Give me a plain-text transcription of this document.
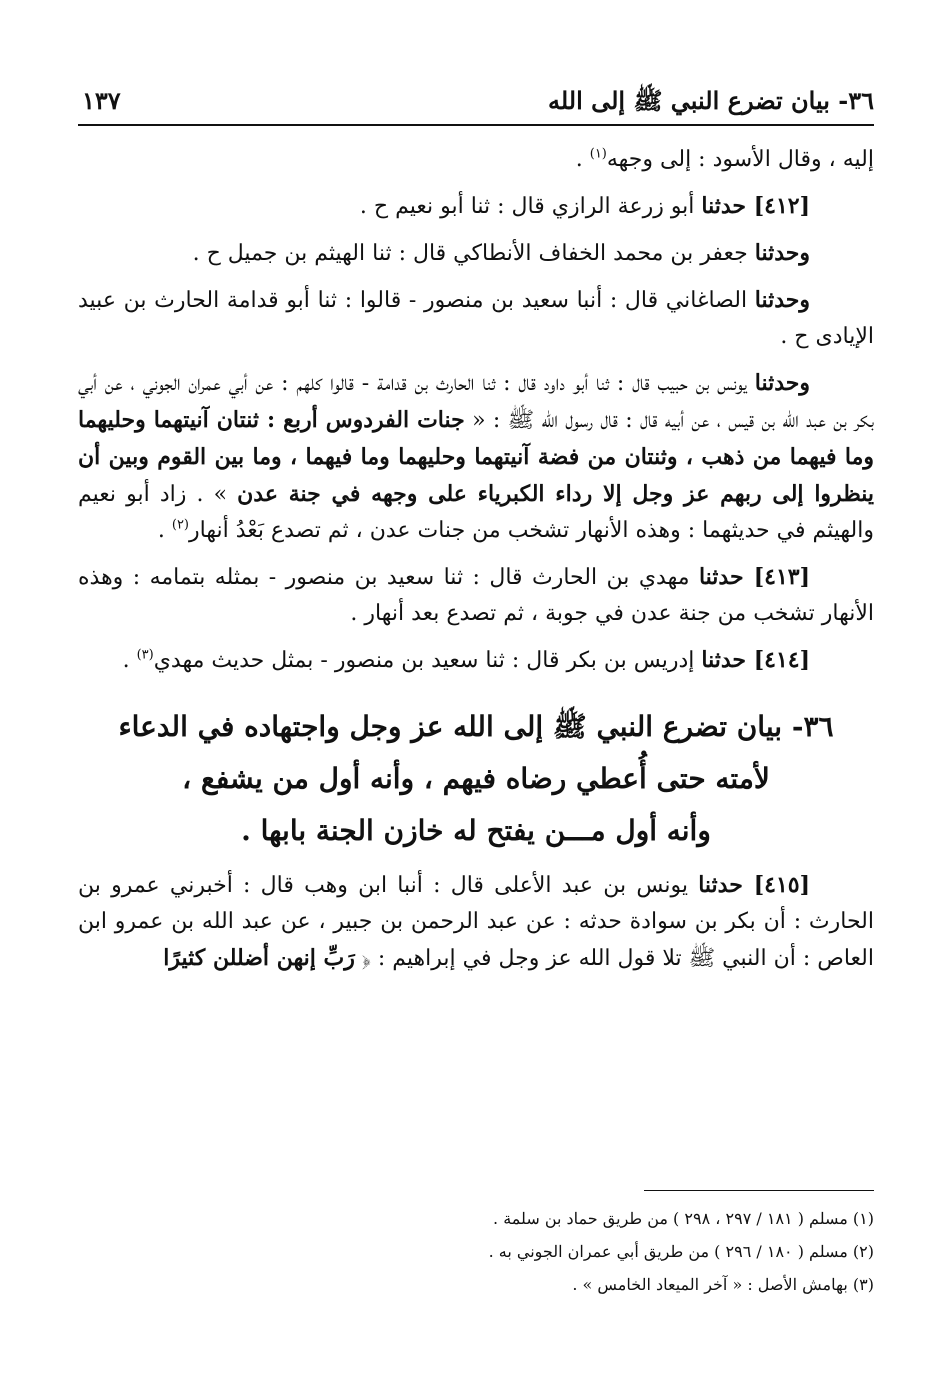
٣٦- بيان تضرع النبي ﷺ إلى الله
١٣٧

إليه ، وقال الأسود : إلى وجهه$^{(١)}$ .

[٤١٢] حدثنا أبو زرعة الرازي قال : ثنا أبو نعيم ح .

وحدثنا جعفر بن محمد الخفاف الأنطاكي قال : ثنا الهيثم بن جميل ح .

وحدثنا الصاغاني قال : أنبا سعيد بن منصور - قالوا : ثنا أبو قدامة الحارث بن عبيد الإيادى ح .

وحدثنا يونس بن حبيب قال : ثنا أبو داود قال : ثنا الحارث بن قدامة - قالوا كلهم : عن أبي عمران الجوني ، عن أبي بكر بن عبد الله بن قيس ، عن أبيه قال : قال رسول الله ﷺ : « جنات الفردوس أربع : ثنتان آنيتهما وحليهما وما فيهما من ذهب ، وثنتان من فضة آنيتهما وحليهما وما فيهما ، وما بين القوم وبين أن ينظروا إلى ربهم عز وجل إلا رداء الكبرياء على وجهه في جنة عدن » . زاد أبو نعيم والهيثم في حديثهما : وهذه الأنهار تشخب من جنات عدن ، ثم تصدع بَعْدُ أنهار$^{(٢)}$ .

[٤١٣] حدثنا مهدي بن الحارث قال : ثنا سعيد بن منصور - بمثله بتمامه : وهذه الأنهار تشخب من جنة عدن في جوبة ، ثم تصدع بعد أنهار .

[٤١٤] حدثنا إدريس بن بكر قال : ثنا سعيد بن منصور - بمثل حديث مهدي$^{(٣)}$ .

٣٦- بيان تضرع النبي ﷺ إلى الله عز وجل واجتهاده في الدعاء
لأمته حتى أُعطي رضاه فيهم ، وأنه أول من يشفع ،
وأنه أول مـــن يفتح له خازن الجنة بابها .

[٤١٥] حدثنا يونس بن عبد الأعلى قال : أنبا ابن وهب قال : أخبرني عمرو بن الحارث : أن بكر بن سوادة حدثه : عن عبد الرحمن بن جبير ، عن عبد الله بن عمرو ابن العاص : أن النبي ﷺ تلا قول الله عز وجل في إبراهيم : ﴿ رَبِّ إنهن أضللن كثيرًا

(١) مسلم ( ١٨١ / ٢٩٧ ، ٢٩٨ ) من طريق حماد بن سلمة .
(٢) مسلم ( ١٨٠ / ٢٩٦ ) من طريق أبي عمران الجوني به .
(٣) بهامش الأصل : « آخر الميعاد الخامس » .
